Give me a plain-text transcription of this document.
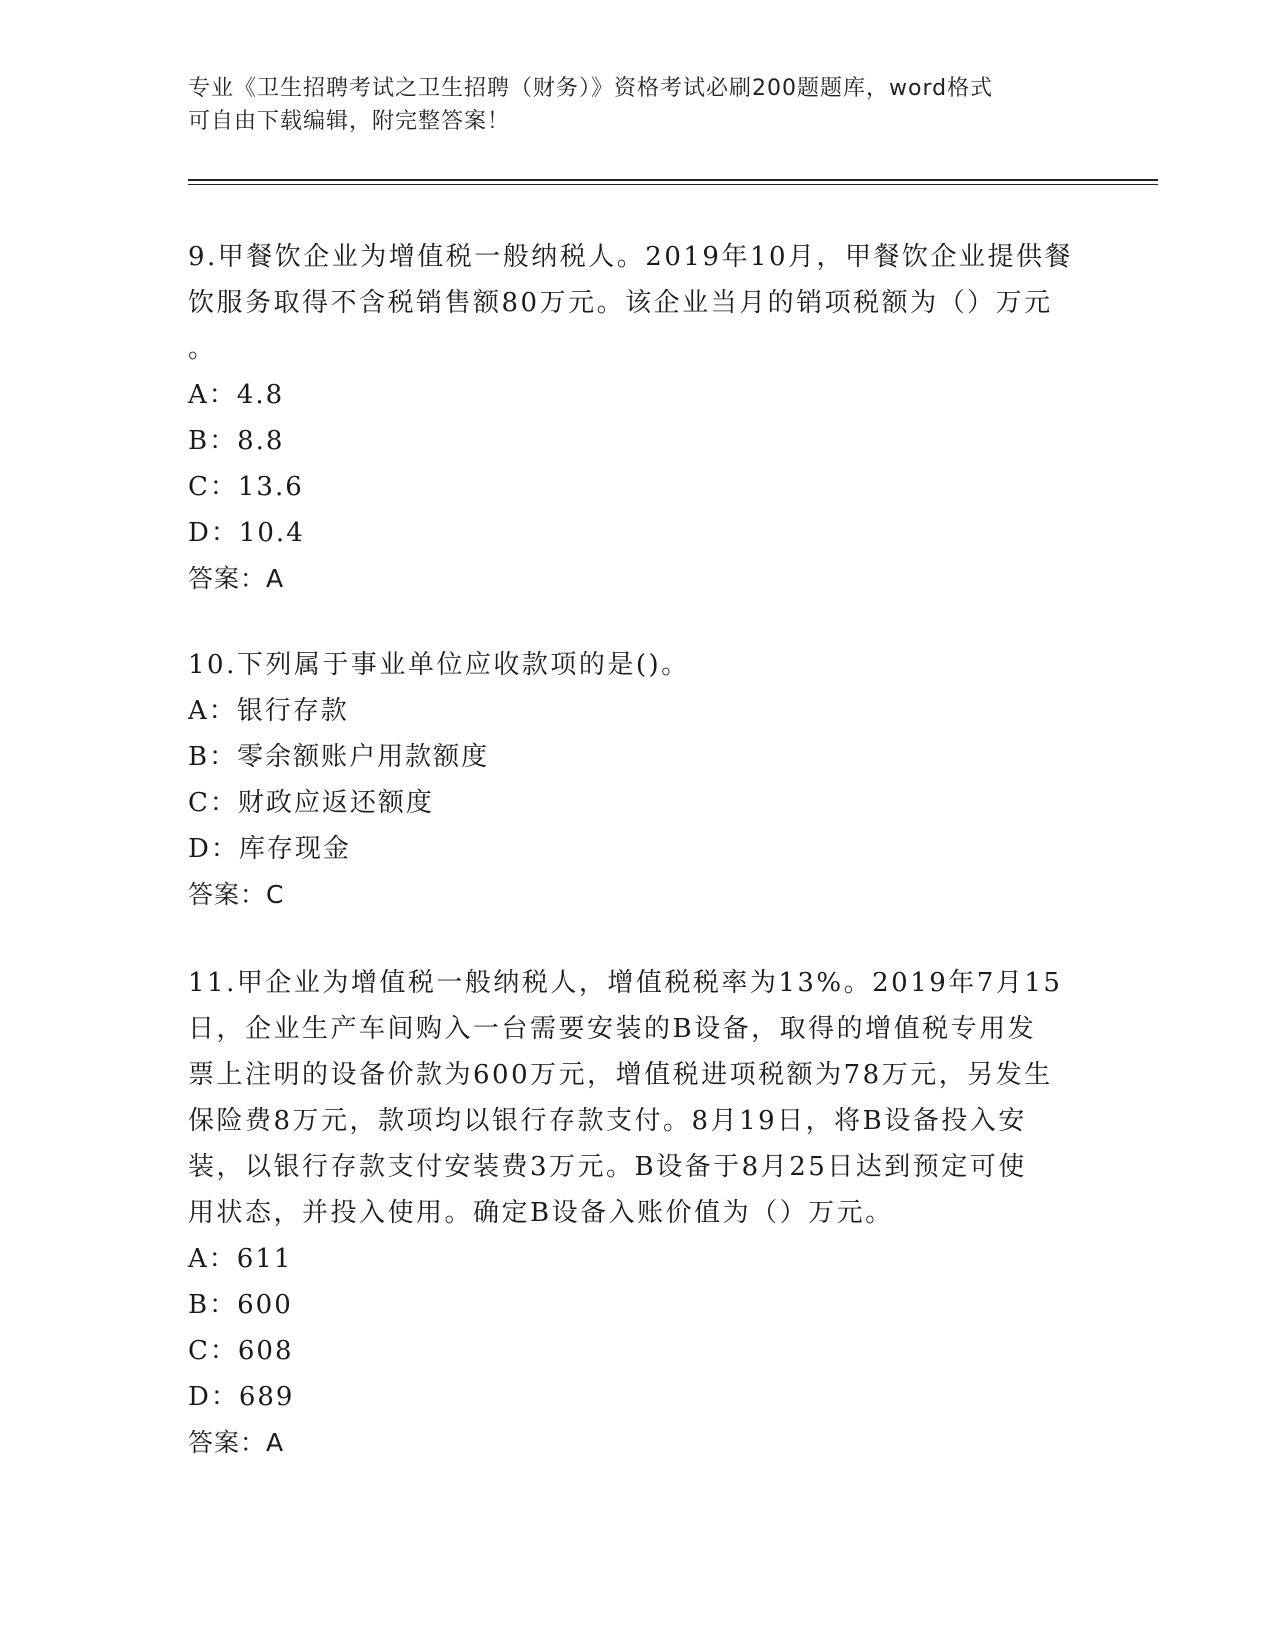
专业《卫生招聘考试之卫生招聘（财务）》资格考试必刷200题题库，word格式
可自由下载编辑，附完整答案！
9.甲餐饮企业为增值税一般纳税人。2019年10月，甲餐饮企业提供餐
饮服务取得不含税销售额80万元。该企业当月的销项税额为（）万元
。
A：4.8
B：8.8
C：13.6
D：10.4
答案：A
10.下列属于事业单位应收款项的是()。
A：银行存款
B：零余额账户用款额度
C：财政应返还额度
D：库存现金
答案：C
11.甲企业为增值税一般纳税人，增值税税率为13%。2019年7月15
日，企业生产车间购入一台需要安装的B设备，取得的增值税专用发
票上注明的设备价款为600万元，增值税进项税额为78万元，另发生
保险费8万元，款项均以银行存款支付。8月19日，将B设备投入安
装，以银行存款支付安装费3万元。B设备于8月25日达到预定可使
用状态，并投入使用。确定B设备入账价值为（）万元。
A：611
B：600
C：608
D：689
答案：A
